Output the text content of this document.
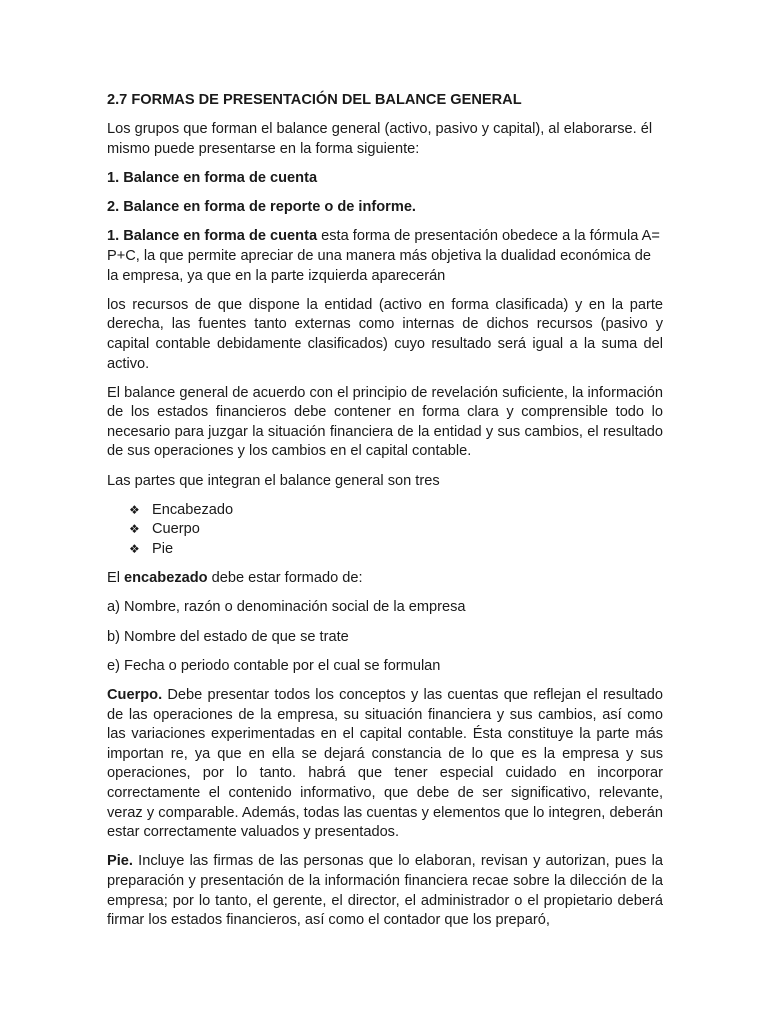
2.7 FORMAS DE PRESENTACIÓN DEL BALANCE GENERAL

Los grupos que forman el balance general (activo, pasivo y capital), al elaborarse. él mismo puede presentarse en la forma siguiente:

1. Balance en forma de cuenta

2. Balance en forma de reporte o de informe.

1. Balance en forma de cuenta esta forma de presentación obedece a la fórmula A= P+C, la que permite apreciar de una manera más objetiva la dualidad económica de la empresa, ya que en la parte izquierda aparecerán

los recursos de que dispone la entidad (activo en forma clasificada) y en la parte derecha, las fuentes tanto externas como internas de dichos recursos (pasivo y capital contable debidamente clasificados) cuyo resultado será igual a la suma del activo.

El balance general de acuerdo con el principio de revelación suficiente, la información de los estados financieros debe contener en forma clara y comprensible todo lo necesario para juzgar la situación financiera de la entidad y sus cambios, el resultado de sus operaciones y los cambios en el capital contable.

Las partes que integran el balance general son tres

❖ Encabezado
❖ Cuerpo
❖ Pie

El encabezado debe estar formado de:

a) Nombre, razón o denominación social de la empresa

b) Nombre del estado de que se trate

e) Fecha o periodo contable por el cual se formulan

Cuerpo. Debe presentar todos los conceptos y las cuentas que reflejan el resultado de las operaciones de la empresa, su situación financiera y sus cambios, así como las variaciones experimentadas en el capital contable. Ésta constituye la parte más importan re, ya que en ella se dejará constancia de lo que es la empresa y sus operaciones, por lo tanto. habrá que tener especial cuidado en incorporar correctamente el contenido informativo, que debe de ser significativo, relevante, veraz y comparable. Además, todas las cuentas y elementos que lo integren, deberán estar correctamente valuados y presentados.

Pie. Incluye las firmas de las personas que lo elaboran, revisan y autorizan, pues la preparación y presentación de la información financiera recae sobre la dilección de la empresa; por lo tanto, el gerente, el director, el administrador o el propietario deberá firmar los estados financieros, así como el contador que los preparó,
